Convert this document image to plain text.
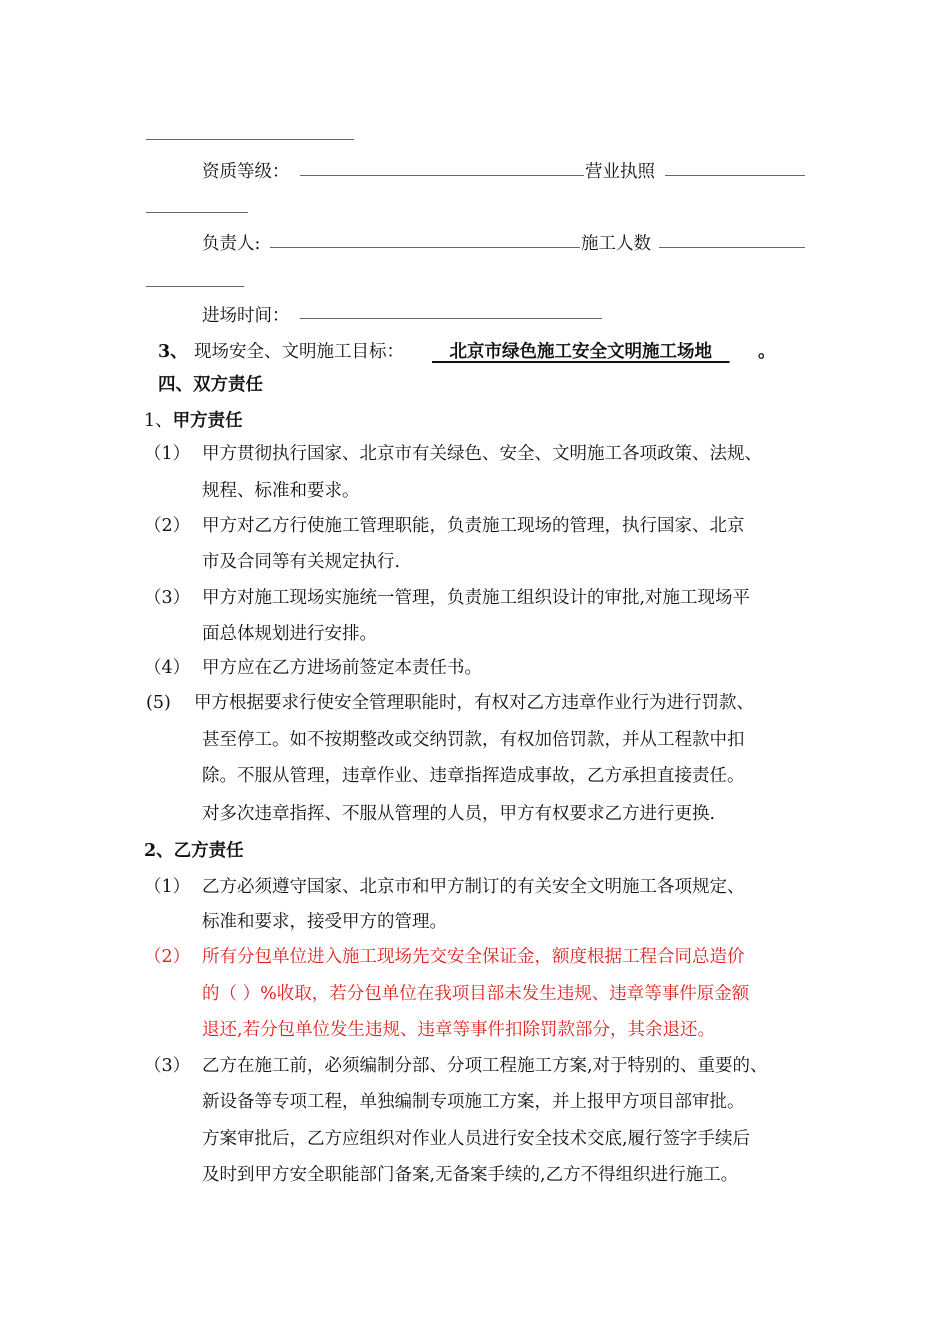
资质等级：	营业执照
负责人:	施工人数
进场时间：
3、 现场安全、文明施工目标：
  	北京市绿色施工安全文明施工场地  	。
四、双方责任
1、甲方责任
（1） 甲方贯彻执行国家、北京市有关绿色、安全、文明施工各项政策、法规、
规程、标准和要求。
（2） 甲方对乙方行使施工管理职能，负责施工现场的管理，执行国家、北京
市及合同等有关规定执行.
（3） 甲方对施工现场实施统一管理，负责施工组织设计的审批,对施工现场平
面总体规划进行安排。
（4） 甲方应在乙方进场前签定本责任书。
(5) 甲方根据要求行使安全管理职能时，有权对乙方违章作业行为进行罚款、
甚至停工。如不按期整改或交纳罚款，有权加倍罚款，并从工程款中扣
除。不服从管理，违章作业、违章指挥造成事故，乙方承担直接责任。
对多次违章指挥、不服从管理的人员，甲方有权要求乙方进行更换.
2、乙方责任
（1） 乙方必须遵守国家、北京市和甲方制订的有关安全文明施工各项规定、
标准和要求，接受甲方的管理。
（2） 所有分包单位进入施工现场先交安全保证金，额度根据工程合同总造价
的（ ）%收取，若分包单位在我项目部未发生违规、违章等事件原金额
退还,若分包单位发生违规、违章等事件扣除罚款部分，其余退还。
（3） 乙方在施工前，必须编制分部、分项工程施工方案,对于特别的、重要的、
新设备等专项工程，单独编制专项施工方案，并上报甲方项目部审批。
方案审批后，乙方应组织对作业人员进行安全技术交底,履行签字手续后
及时到甲方安全职能部门备案,无备案手续的,乙方不得组织进行施工。
